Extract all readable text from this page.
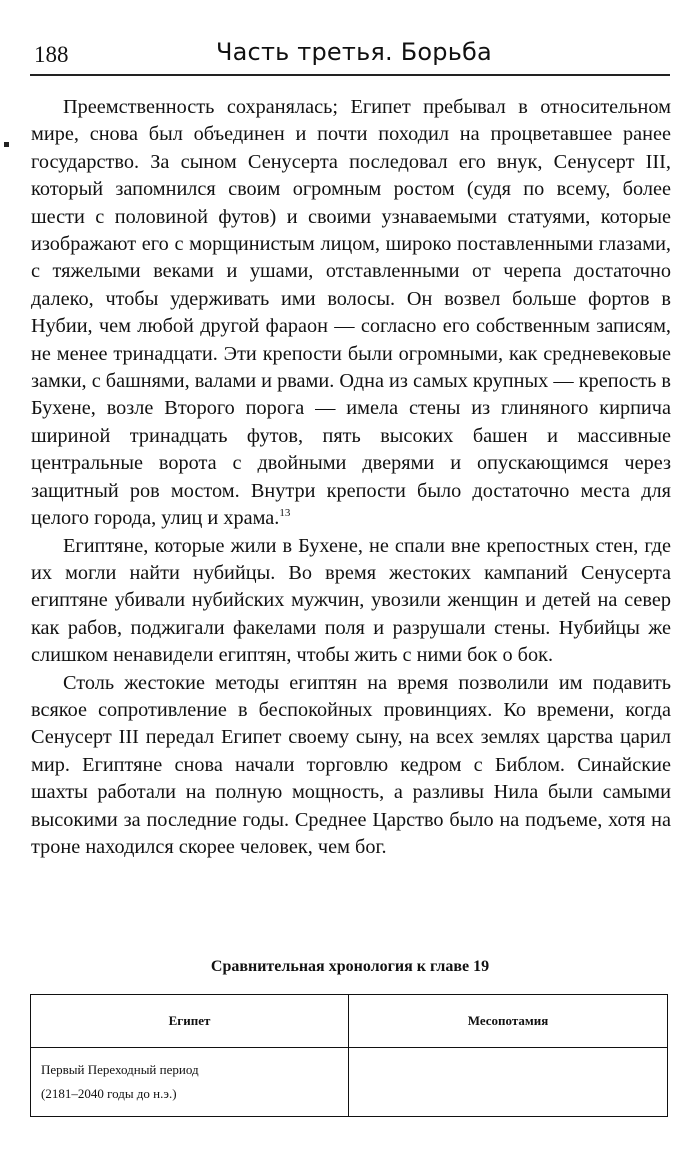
188	Часть третья. Борьба

Преемственность сохранялась; Египет пребывал в относительном мире, снова был объединен и почти походил на процветавшее ранее государство. За сыном Сенусерта последовал его внук, Сенусерт III, который запомнился своим огромным ростом (судя по всему, более шести с половиной футов) и своими узнаваемыми статуями, которые изображают его с морщинистым лицом, широко поставленными глазами, с тяжелыми веками и ушами, отставленными от черепа достаточно далеко, чтобы удерживать ими волосы. Он возвел больше фортов в Нубии, чем любой другой фараон — согласно его собственным записям, не менее тринадцати. Эти крепости были огромными, как средневековые замки, с башнями, валами и рвами. Одна из самых крупных — крепость в Бухене, возле Второго порога — имела стены из глиняного кирпича шириной тринадцать футов, пять высоких башен и массивные центральные ворота с двойными дверями и опускающимся через защитный ров мостом. Внутри крепости было достаточно места для целого города, улиц и храма.$^{13}$

Египтяне, которые жили в Бухене, не спали вне крепостных стен, где их могли найти нубийцы. Во время жестоких кампаний Сенусерта египтяне убивали нубийских мужчин, увозили женщин и детей на север как рабов, поджигали факелами поля и разрушали стены. Нубийцы же слишком ненавидели египтян, чтобы жить с ними бок о бок.

Столь жестокие методы египтян на время позволили им подавить всякое сопротивление в беспокойных провинциях. Ко времени, когда Сенусерт III передал Египет своему сыну, на всех землях царства царил мир. Египтяне снова начали торговлю кедром с Библом. Синайские шахты работали на полную мощность, а разливы Нила были самыми высокими за последние годы. Среднее Царство было на подъеме, хотя на троне находился скорее человек, чем бог.

Сравнительная хронология к главе 19
Египет	Месопотамия

Первый Переходный период
(2181–2040 годы до н.э.)	
